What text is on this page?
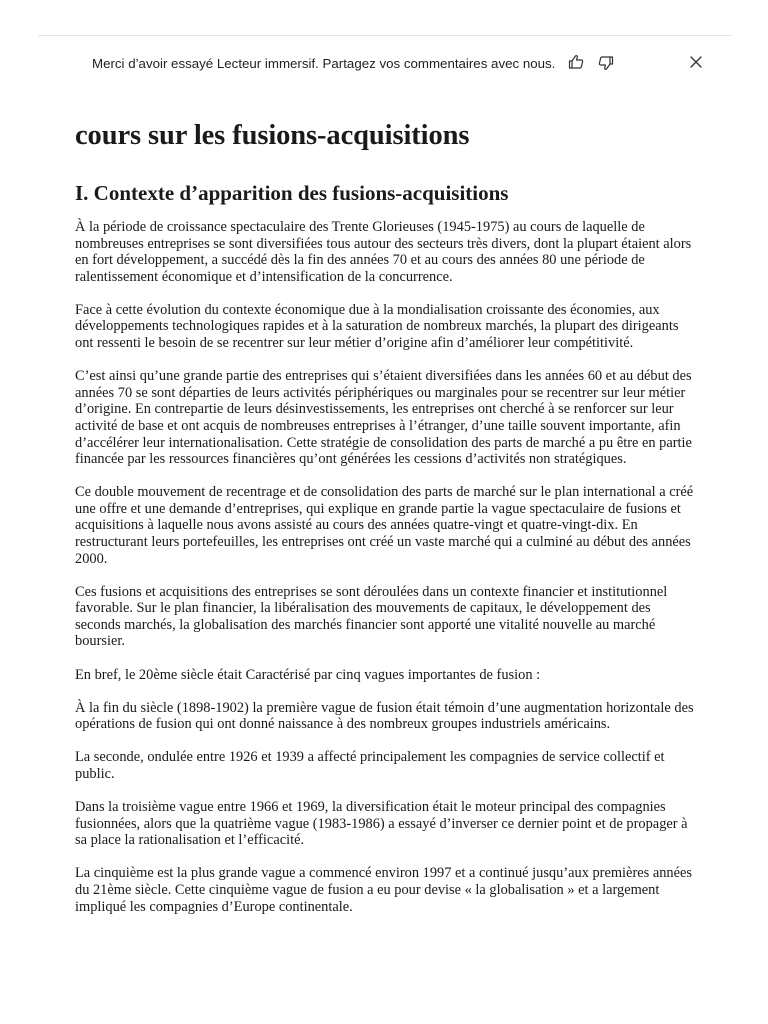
Merci d’avoir essayé Lecteur immersif. Partagez vos commentaires avec nous.
cours sur les fusions-acquisitions
I. Contexte d’apparition des fusions-acquisitions

À la période de croissance spectaculaire des Trente Glorieuses (1945-1975) au cours de laquelle de nombreuses entreprises se sont diversifiées tous autour des secteurs très divers, dont la plupart étaient alors en fort développement, a succédé dès la fin des années 70 et au cours des années 80 une période de ralentissement économique et d’intensification de la concurrence.

Face à cette évolution du contexte économique due à la mondialisation croissante des économies, aux développements technologiques rapides et à la saturation de nombreux marchés, la plupart des dirigeants ont ressenti le besoin de se recentrer sur leur métier d’origine afin d’améliorer leur compétitivité.

C’est ainsi qu’une grande partie des entreprises qui s’étaient diversifiées dans les années 60 et au début des années 70 se sont départies de leurs activités périphériques ou marginales pour se recentrer sur leur métier d’origine. En contrepartie de leurs désinvestissements, les entreprises ont cherché à se renforcer sur leur activité de base et ont acquis de nombreuses entreprises à l’étranger, d’une taille souvent importante, afin d’accélérer leur internationalisation. Cette stratégie de consolidation des parts de marché a pu être en partie financée par les ressources financières qu’ont générées les cessions d’activités non stratégiques.

Ce double mouvement de recentrage et de consolidation des parts de marché sur le plan international a créé une offre et une demande d’entreprises, qui explique en grande partie la vague spectaculaire de fusions et acquisitions à laquelle nous avons assisté au cours des années quatre-vingt et quatre-vingt-dix. En restructurant leurs portefeuilles, les entreprises ont créé un vaste marché qui a culminé au début des années 2000.

Ces fusions et acquisitions des entreprises se sont déroulées dans un contexte financier et institutionnel favorable. Sur le plan financier, la libéralisation des mouvements de capitaux, le développement des seconds marchés, la globalisation des marchés financier sont apporté une vitalité nouvelle au marché boursier.

En bref, le 20ème siècle était Caractérisé par cinq vagues importantes de fusion :

À la fin du siècle (1898-1902) la première vague de fusion était témoin d’une augmentation horizontale des opérations de fusion qui ont donné naissance à des nombreux groupes industriels américains.

La seconde, ondulée entre 1926 et 1939 a affecté principalement les compagnies de service collectif et public.

Dans la troisième vague entre 1966 et 1969, la diversification était le moteur principal des compagnies fusionnées, alors que la quatrième vague (1983-1986) a essayé d’inverser ce dernier point et de propager à sa place la rationalisation et l’efficacité.

La cinquième est la plus grande vague a commencé environ 1997 et a continué jusqu’aux premières années du 21ème siècle. Cette cinquième vague de fusion a eu pour devise « la globalisation » et a largement impliqué les compagnies d’Europe continentale.
